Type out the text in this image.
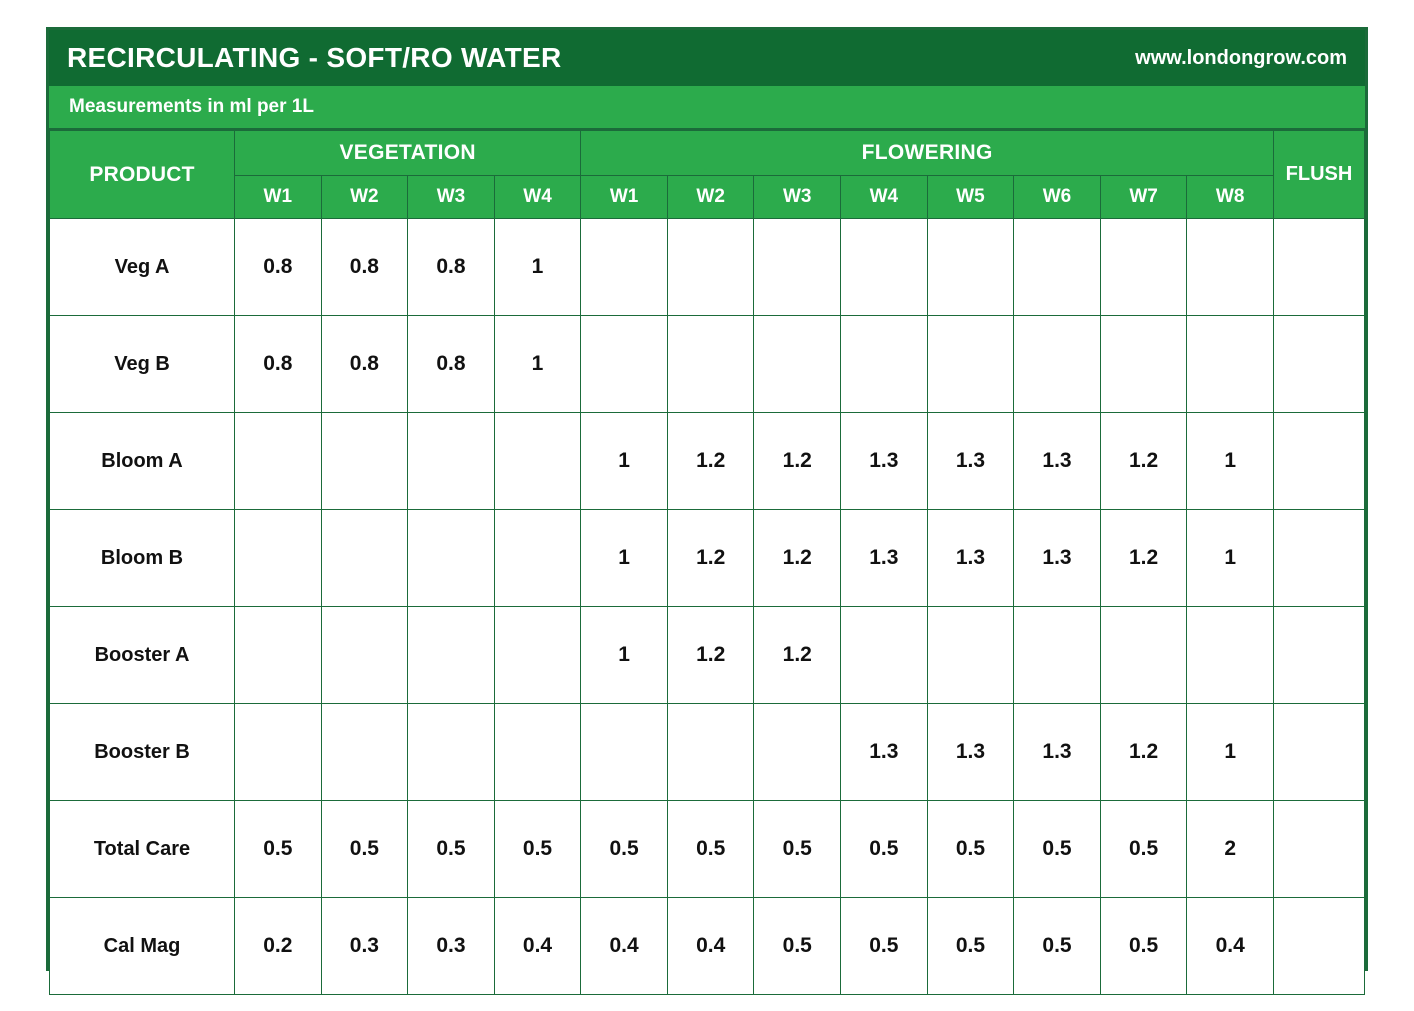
RECIRCULATING - SOFT/RO WATER	www.londongrow.com
Measurements in ml per 1L
PRODUCT	VEGETATION				FLOWERING								FLUSH
	W1	W2	W3	W4	W1	W2	W3	W4	W5	W6	W7	W8	
Veg A	0.8	0.8	0.8	1									
Veg B	0.8	0.8	0.8	1									
Bloom A					1	1.2	1.2	1.3	1.3	1.3	1.2	1	
Bloom B					1	1.2	1.2	1.3	1.3	1.3	1.2	1	
Booster A					1	1.2	1.2						
Booster B								1.3	1.3	1.3	1.2	1	
Total Care	0.5	0.5	0.5	0.5	0.5	0.5	0.5	0.5	0.5	0.5	0.5	2	
Cal Mag	0.2	0.3	0.3	0.4	0.4	0.4	0.5	0.5	0.5	0.5	0.5	0.4	
